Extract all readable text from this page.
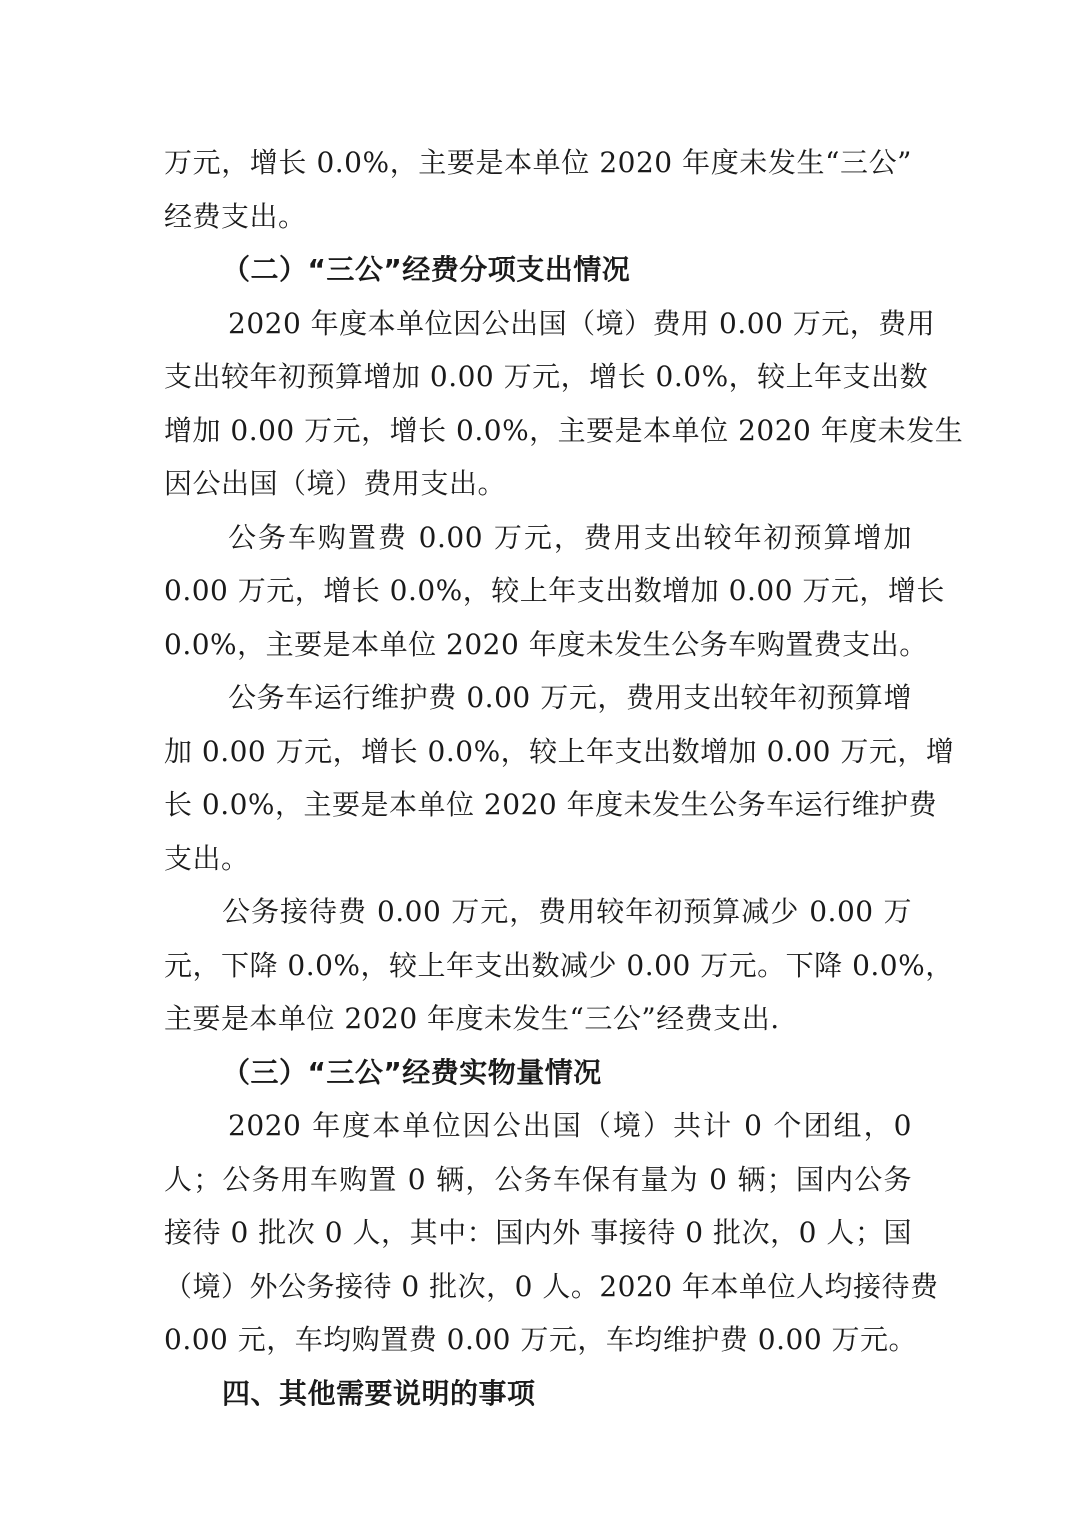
万元，增长 0.0%，主要是本单位 2020 年度未发生“三公”
经费支出。
（二）“三公”经费分项支出情况
2020 年度本单位因公出国（境）费用 0.00 万元，费用
支出较年初预算增加 0.00 万元，增长 0.0%，较上年支出数
增加 0.00 万元，增长 0.0%，主要是本单位 2020 年度未发生
因公出国（境）费用支出。
公务车购置费 0.00 万元，费用支出较年初预算增加
0.00 万元，增长 0.0%，较上年支出数增加 0.00 万元，增长
0.0%，主要是本单位 2020 年度未发生公务车购置费支出。
公务车运行维护费 0.00 万元，费用支出较年初预算增
加 0.00 万元，增长 0.0%，较上年支出数增加 0.00 万元，增
长 0.0%，主要是本单位 2020 年度未发生公务车运行维护费
支出。
公务接待费 0.00 万元，费用较年初预算减少 0.00 万
元，下降 0.0%，较上年支出数减少 0.00 万元。下降 0.0%，
主要是本单位 2020 年度未发生“三公”经费支出.
（三）“三公”经费实物量情况
2020 年度本单位因公出国（境）共计 0 个团组，0
人；公务用车购置 0 辆，公务车保有量为 0 辆；国内公务
接待 0 批次 0 人，其中：国内外 事接待 0 批次，0 人；国
（境）外公务接待 0 批次，0 人。2020 年本单位人均接待费
0.00 元，车均购置费 0.00 万元，车均维护费 0.00 万元。
四、其他需要说明的事项
